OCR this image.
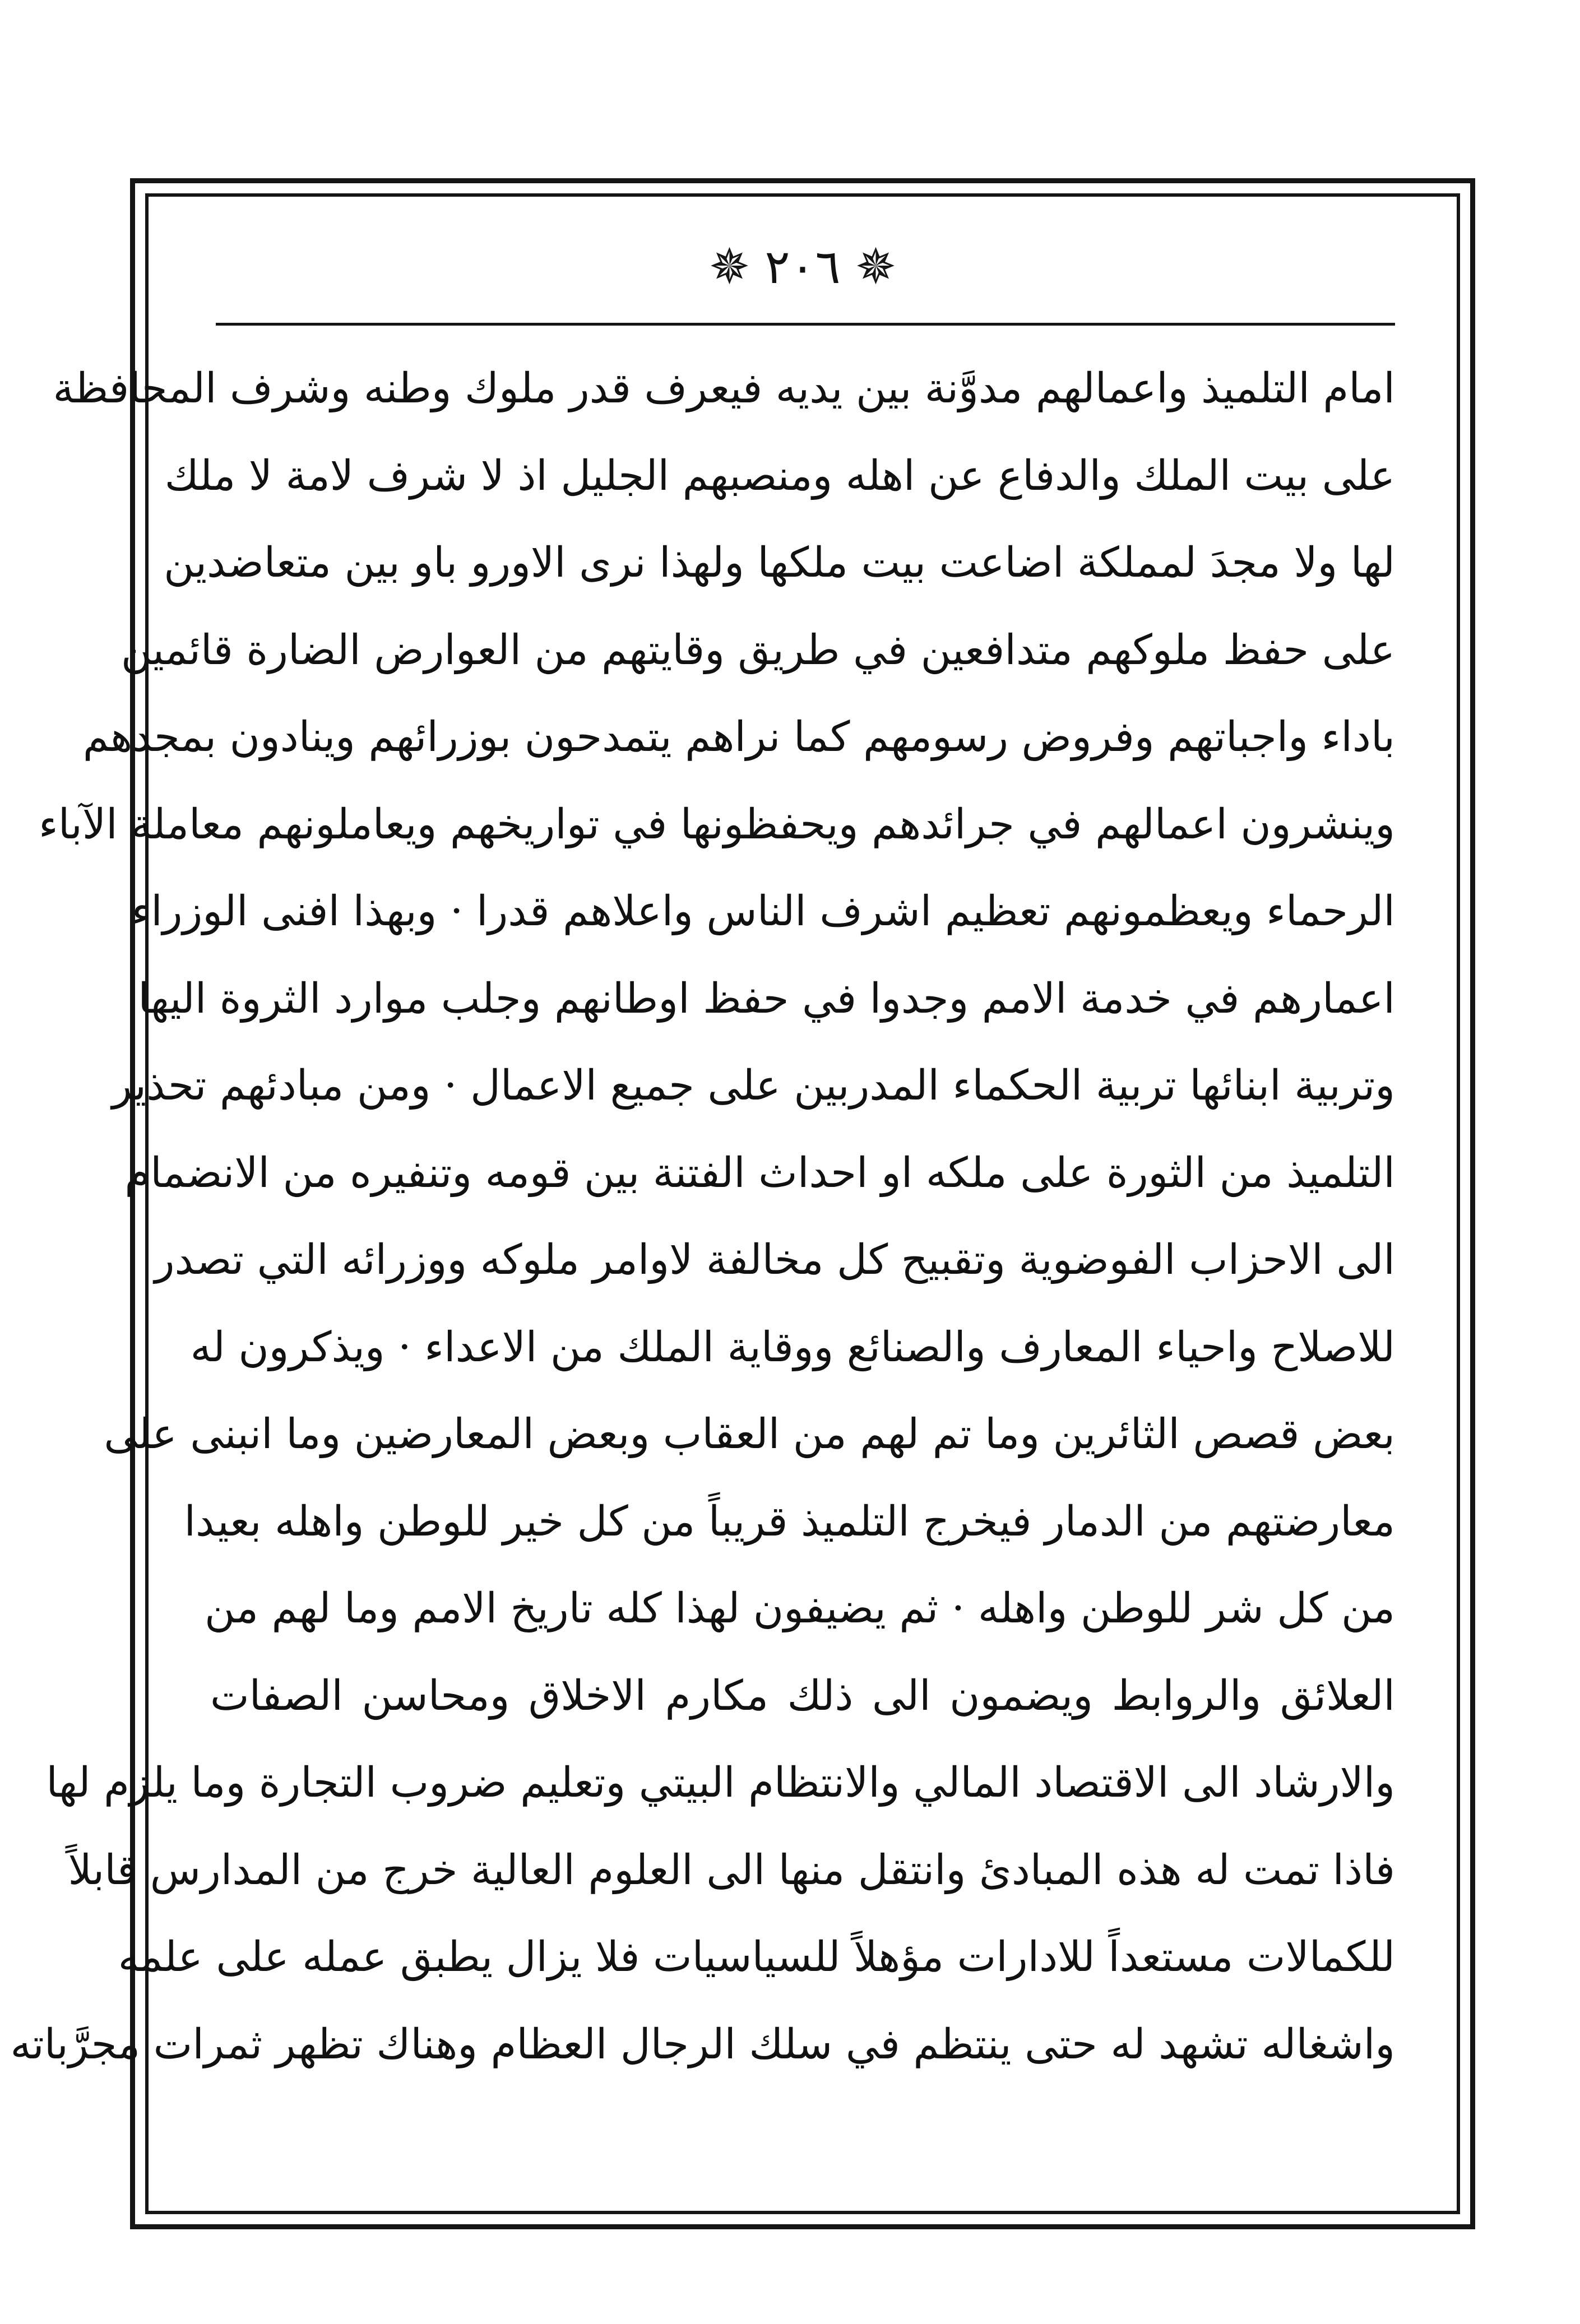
✵ ٢٠٦ ✵
امام التلميذ واعمالهم مدوَّنة بين يديه فيعرف قدر ملوك وطنه وشرف المحافظة
على بيت الملك والدفاع عن اهله ومنصبهم الجليل اذ لا شرف لامة لا ملك
لها ولا مجدَ لمملكة اضاعت بيت ملكها ولهذا نرى الاورو باو بين متعاضدين
على حفظ ملوكهم متدافعين في طريق وقايتهم من العوارض الضارة قائمين
باداء واجباتهم وفروض رسومهم كما نراهم يتمدحون بوزرائهم وينادون بمجدهم
وينشرون اعمالهم في جرائدهم ويحفظونها في تواريخهم ويعاملونهم معاملة الآباء
الرحماء ويعظمونهم تعظيم اشرف الناس واعلاهم قدرا · وبهذا افنى الوزراء
اعمارهم في خدمة الامم وجدوا في حفظ اوطانهم وجلب موارد الثروة اليها
وتربية ابنائها تربية الحكماء المدربين على جميع الاعمال · ومن مبادئهم تحذير
التلميذ من الثورة على ملكه او احداث الفتنة بين قومه وتنفيره من الانضمام
الى الاحزاب الفوضوية وتقبيح كل مخالفة لاوامر ملوكه ووزرائه التي تصدر
للاصلاح واحياء المعارف والصنائع ووقاية الملك من الاعداء · ويذكرون له
بعض قصص الثائرين وما تم لهم من العقاب وبعض المعارضين وما انبنى على
معارضتهم من الدمار فيخرج التلميذ قريباً من كل خير للوطن واهله بعيدا
من كل شر للوطن واهله · ثم يضيفون لهذا كله تاريخ الامم وما لهم من
العلائق والروابط ويضمون الى ذلك مكارم الاخلاق ومحاسن الصفات
والارشاد الى الاقتصاد المالي والانتظام البيتي وتعليم ضروب التجارة وما يلزم لها
فاذا تمت له هذه المبادئ وانتقل منها الى العلوم العالية خرج من المدارس قابلاً
للكمالات مستعداً للادارات مؤهلاً للسياسيات فلا يزال يطبق عمله على علمه
واشغاله تشهد له حتى ينتظم في سلك الرجال العظام وهناك تظهر ثمرات مجرَّباته
